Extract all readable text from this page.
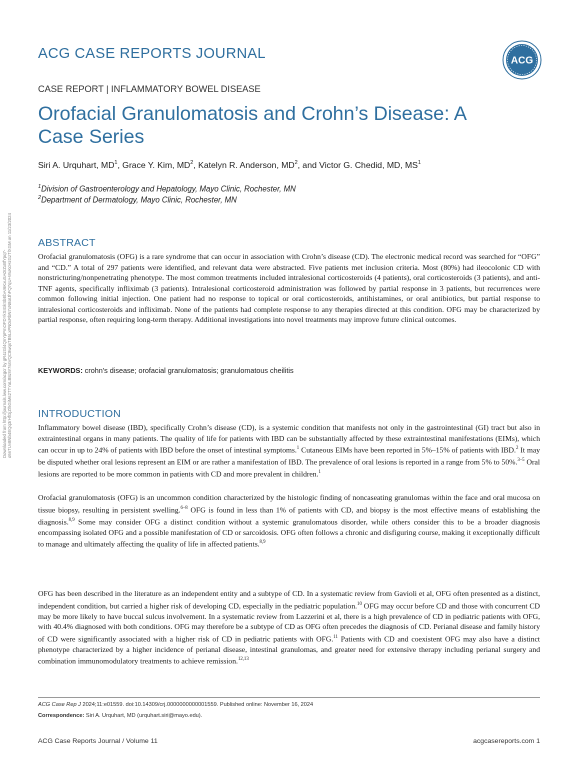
Downloaded from http://journals.lww.com/acgcr by gR4zGl4QnYpPmOFDYkSIGkSbEbAr6KxuSA0rZxBfYpq7-o5nTUv8Nb4EQq3rHfGjZ/5GiMs2TTYaLB8zW7ssVQC8wqsTB5LxPN0xRbN7xN8oIJhFQ7qU+WuKcHzGzTlXGM on 11/23/2024
ACG CASE REPORTS JOURNAL	ACG
CASE REPORT | INFLAMMATORY BOWEL DISEASE
Orofacial Granulomatosis and Crohn’s Disease: A
Case Series
Siri A. Urquhart, $MD^1$, Grace Y. Kim, $MD^2$, Katelyn R. Anderson, $MD^2$, and Victor G. Chedid, MD, $MS^1$
$^1$Division of Gastroenterology and Hepatology, Mayo Clinic, Rochester, MN
$^2$Department of Dermatology, Mayo Clinic, Rochester, MN
ABSTRACT

Orofacial granulomatosis (OFG) is a rare syndrome that can occur in association with Crohn’s disease (CD). The electronic medical record was searched for “OFG” and “CD.” A total of 297 patients were identified, and relevant data were abstracted. Five patients met inclusion criteria. Most (80%) had ileocolonic CD with nonstricturing/nonpenetrating phenotype. The most common treatments included intralesional corticosteroids (4 patients), oral corticosteroids (3 patients), and anti-TNF agents, specifically infliximab (3 patients). Intralesional corticosteroid administration was followed by partial response in 3 patients, but recurrences were common following initial injection. One patient had no response to topical or oral corticosteroids, antihistamines, or oral antibiotics, but partial response to intralesional corticosteroids and infliximab. None of the patients had complete response to any therapies directed at this condition. OFG may be characterized by partial response, often requiring long-term therapy. Additional investigations into novel treatments may improve future clinical outcomes.

KEYWORDS: crohn’s disease; orofacial granulomatosis; granulomatous cheilitis
INTRODUCTION

Inflammatory bowel disease (IBD), specifically Crohn’s disease (CD), is a systemic condition that manifests not only in the gastrointestinal (GI) tract but also in extraintestinal organs in many patients. The quality of life for patients with IBD can be substantially affected by these extraintestinal manifestations (EIMs), which can occur in up to 24% of patients with IBD before the onset of intestinal symptoms.$^1$ Cutaneous EIMs have been reported in 5%–15% of patients with IBD.$^2$ It may be disputed whether oral lesions represent an EIM or are rather a manifestation of IBD. The prevalence of oral lesions is reported in a range from 5% to 50%.$^{3-5}$ Oral lesions are reported to be more common in patients with CD and more prevalent in children.$^1$

Orofacial granulomatosis (OFG) is an uncommon condition characterized by the histologic finding of noncaseating granulomas within the face and oral mucosa on tissue biopsy, resulting in persistent swelling.$^{6-8}$ OFG is found in less than 1% of patients with CD, and biopsy is the most effective means of establishing the diagnosis.$^{8,9}$ Some may consider OFG a distinct condition without a systemic granulomatous disorder, while others consider this to be a broader diagnosis encompassing isolated OFG and a possible manifestation of CD or sarcoidosis. OFG often follows a chronic and disfiguring course, making it exceptionally difficult to manage and ultimately affecting the quality of life in affected patients.$^{8,9}$

OFG has been described in the literature as an independent entity and a subtype of CD. In a systematic review from Gavioli et al, OFG often presented as a distinct, independent condition, but carried a higher risk of developing CD, especially in the pediatric population.$^{10}$ OFG may occur before CD and those with concurrent CD may be more likely to have buccal sulcus involvement. In a systematic review from Lazzerini et al, there is a high prevalence of CD in pediatric patients with OFG, with 40.4% diagnosed with both conditions. OFG may therefore be a subtype of CD as OFG often precedes the diagnosis of CD. Perianal disease and family history of CD were significantly associated with a higher risk of CD in pediatric patients with OFG.$^{11}$ Patients with CD and coexistent OFG may also have a distinct phenotype characterized by a higher incidence of perianal disease, intestinal granulomas, and greater need for extensive therapy including perianal surgery and combination immunomodulatory treatments to achieve remission.$^{12,13}$

ACG Case Rep J 2024;11:e01559. doi:10.14309/crj.0000000000001559. Published online: November 16, 2024
Correspondence: Siri A. Urquhart, MD (urquhart.siri@mayo.edu).
ACG Case Reports Journal / Volume 11	acgcasereports.com 1
